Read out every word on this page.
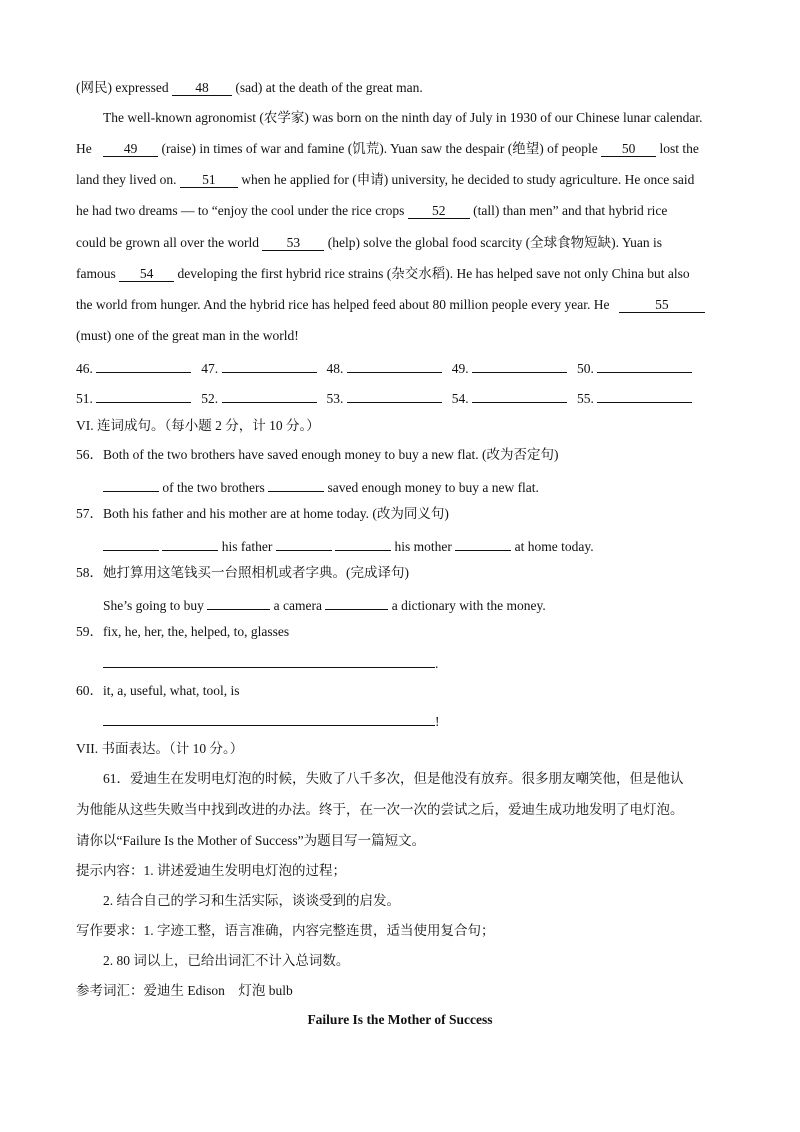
(网民) expressed 48 (sad) at the death of the great man.
The well-known agronomist (农学家) was born on the ninth day of July in 1930 of our Chinese lunar calendar.
He 49 (raise) in times of war and famine (饥荒). Yuan saw the despair (绝望) of people 50 lost the
land they lived on. 51 when he applied for (申请) university, he decided to study agriculture. He once said
he had two dreams — to “enjoy the cool under the rice crops 52 (tall) than men” and that hybrid rice
could be grown all over the world 53 (help) solve the global food scarcity (全球食物短缺). Yuan is
famous 54 developing the first hybrid rice strains (杂交水稻). He has helped save not only China but also
the world from hunger. And the hybrid rice has helped feed about 80 million people every year. He	55
(must) one of the great man in the world!
46.	47.	48.	49.	50.
51.	52.	53.	54.	55.
VI. 连词成句。（每小题 2 分，计 10 分。）
56．Both of the two brothers have saved enough money to buy a new flat. (改为否定句)
of the two brothers	saved enough money to buy a new flat.
57．Both his father and his mother are at home today. (改为同义句)
his father	his mother	at home today.
58．她打算用这笔钱买一台照相机或者字典。(完成译句)
She’s going to buy	a camera	a dictionary with the money.
59．fix, he, her, the, helped, to, glasses
.
60．it, a, useful, what, tool, is
!
VII. 书面表达。（计 10 分。）
61．爱迪生在发明电灯泡的时候，失败了八千多次，但是他没有放弃。很多朋友嘲笑他，但是他认
为他能从这些失败当中找到改进的办法。终于，在一次一次的尝试之后，爱迪生成功地发明了电灯泡。
请你以“Failure Is the Mother of Success”为题目写一篇短文。
提示内容：1. 讲述爱迪生发明电灯泡的过程；
2. 结合自己的学习和生活实际，谈谈受到的启发。
写作要求：1. 字迹工整，语言准确，内容完整连贯，适当使用复合句；
2. 80 词以上，已给出词汇不计入总词数。
参考词汇：爱迪生 Edison　灯泡 bulb
Failure Is the Mother of Success
